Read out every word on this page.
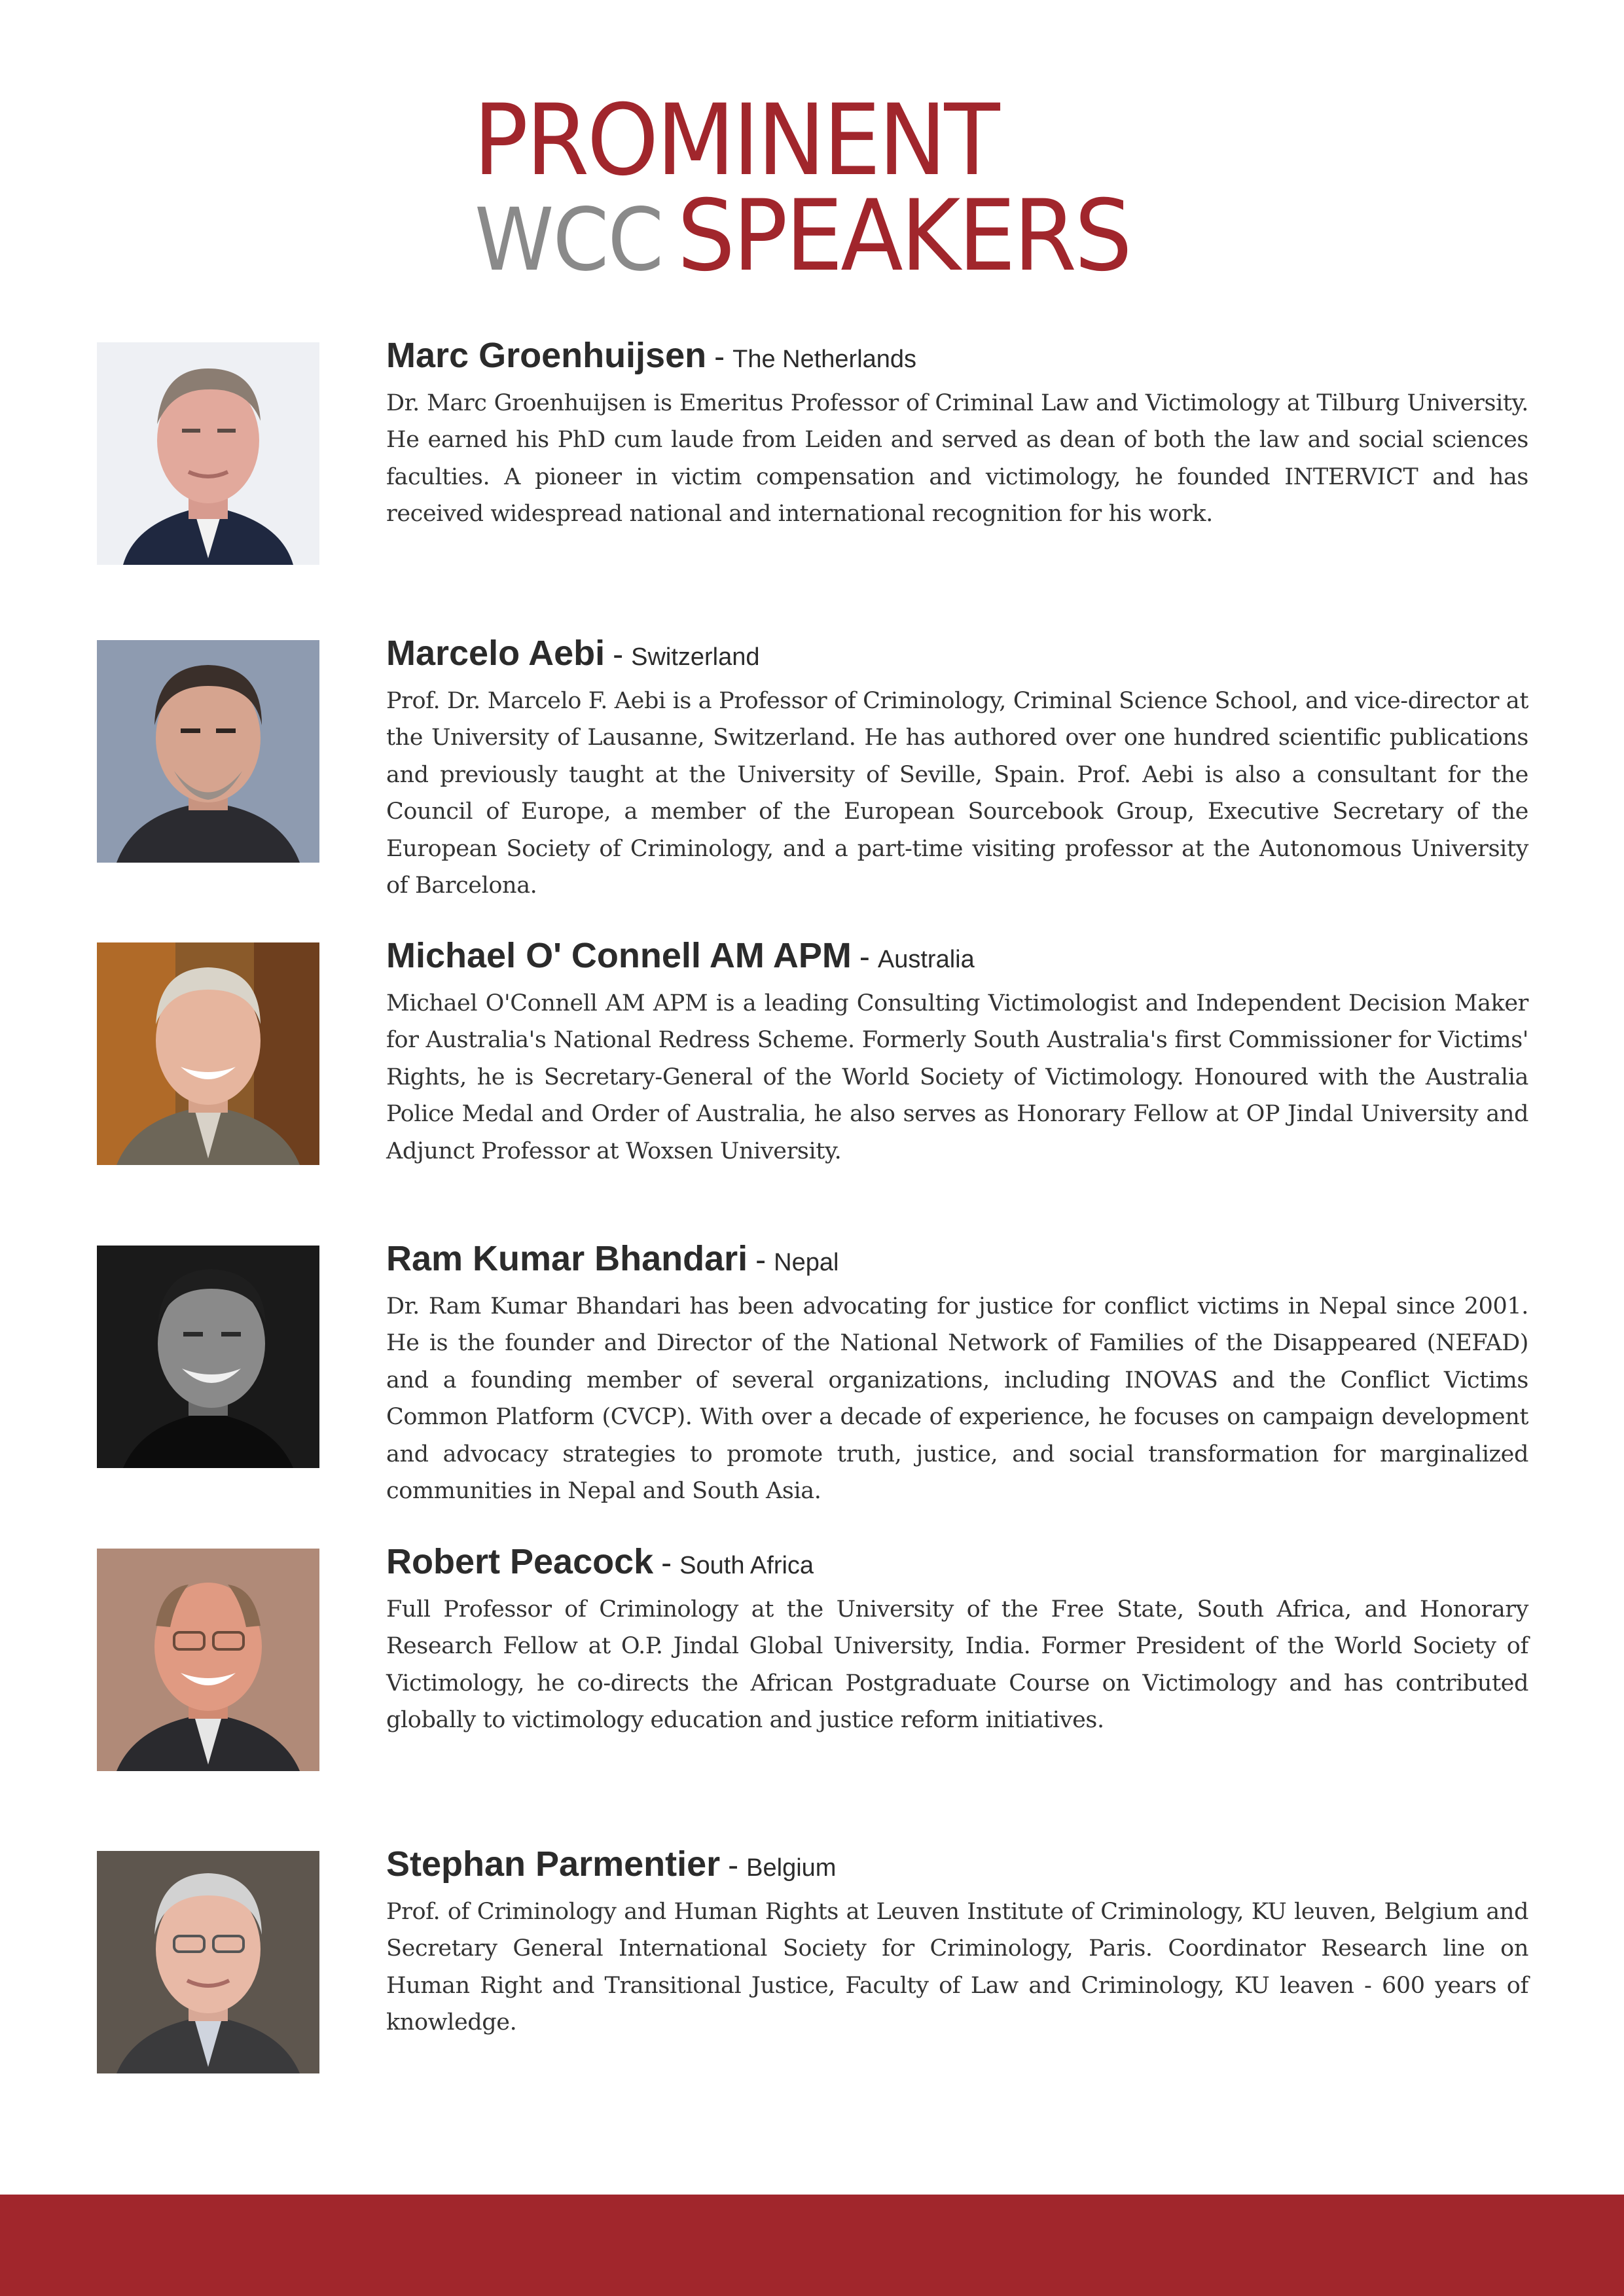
PROMINENT
WCC SPEAKERS
Marc Groenhuijsen - The Netherlands
Dr. Marc Groenhuijsen is Emeritus Professor of Criminal Law and Victimology at Tilburg University. He earned his PhD cum laude from Leiden and served as dean of both the law and social sciences faculties. A pioneer in victim compensation and victimology, he founded INTERVICT and has received widespread national and international recognition for his work.
Marcelo Aebi - Switzerland
Prof. Dr. Marcelo F. Aebi is a Professor of Criminology, Criminal Science School, and vice-director at the University of Lausanne, Switzerland. He has authored over one hundred scientific publications and previously taught at the University of Seville, Spain. Prof. Aebi is also a consultant for the Council of Europe, a member of the European Sourcebook Group, Executive Secretary of the European Society of Criminology, and a part-time visiting professor at the Autonomous University of Barcelona.
Michael O' Connell AM APM - Australia
Michael O'Connell AM APM is a leading Consulting Victimologist and Independent Decision Maker for Australia's National Redress Scheme. Formerly South Australia's first Commissioner for Victims' Rights, he is Secretary-General of the World Society of Victimology. Honoured with the Australia Police Medal and Order of Australia, he also serves as Honorary Fellow at OP Jindal University and Adjunct Professor at Woxsen University.
Ram Kumar Bhandari - Nepal
Dr. Ram Kumar Bhandari has been advocating for justice for conflict victims in Nepal since 2001. He is the founder and Director of the National Network of Families of the Disappeared (NEFAD) and a founding member of several organizations, including INOVAS and the Conflict Victims Common Platform (CVCP). With over a decade of experience, he focuses on campaign development and advocacy strategies to promote truth, justice, and social transformation for marginalized communities in Nepal and South Asia.
Robert Peacock - South Africa
Full Professor of Criminology at the University of the Free State, South Africa, and Honorary Research Fellow at O.P. Jindal Global University, India. Former President of the World Society of Victimology, he co-directs the African Postgraduate Course on Victimology and has contributed globally to victimology education and justice reform initiatives.
Stephan Parmentier - Belgium
Prof. of Criminology and Human Rights at Leuven Institute of Criminology, KU leuven, Belgium and Secretary General International Society for Criminology, Paris. Coordinator Research line on Human Right and Transitional Justice, Faculty of Law and Criminology, KU leaven - 600 years of knowledge.
